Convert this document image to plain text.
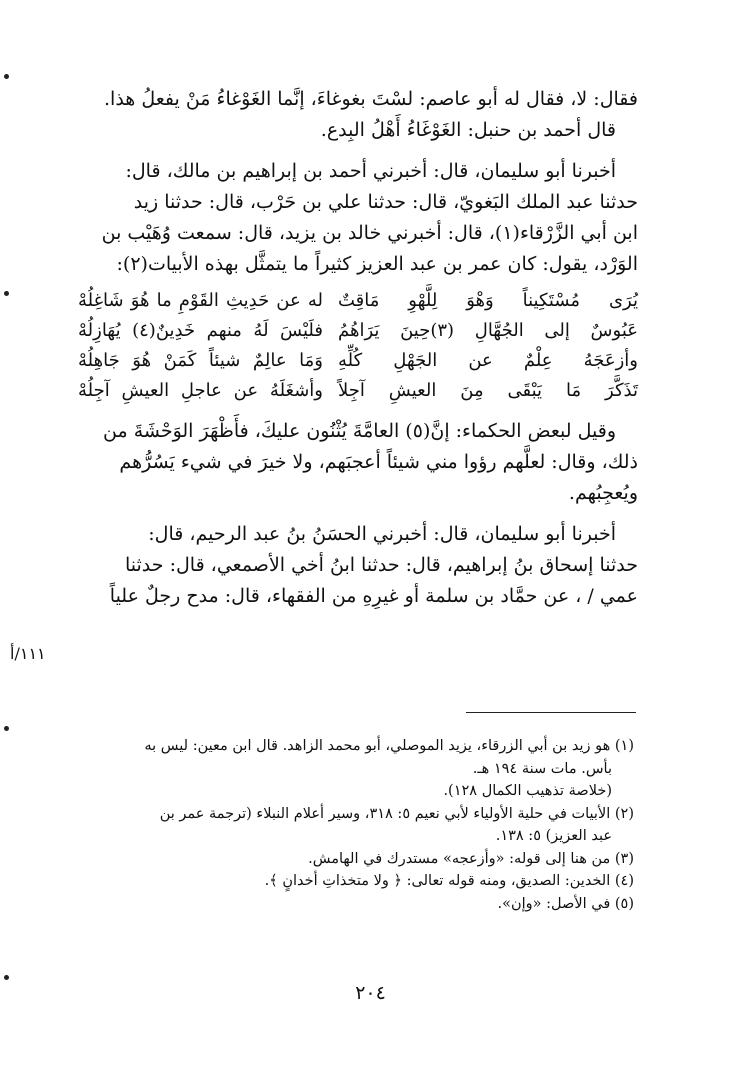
فقال: لا، فقال له أبو عاصم: لسْتَ بغوغاءَ، إنَّما الغَوْغاءُ مَنْ يفعلُ هذا.

قال أحمد بن حنبل: الغَوْغَاءُ أَهْلُ البِدع.

أخبرنا أبو سليمان، قال: أخبرني أحمد بن إبراهيم بن مالك، قال:

حدثنا عبد الملك البَغويّ، قال: حدثنا علي بن حَرْب، قال: حدثنا زيد

ابن أبي الزَّرْقاء(١)، قال: أخبرني خالد بن يزيد، قال: سمعت وُهَيْب بن

الوَرْد، يقول: كان عمر بن عبد العزيز كثيراً ما يتمثَّل بهذه الأبيات(٢):

يُرَى مُسْتَكِيناً وَهْوَ لِلَّهْوِ مَاقِتٌ
له عن حَدِيثِ القَوْمِ ما هُوَ شَاغِلُهْ
عَبُوسٌ إلى الجُهَّالِ (٣)حِينَ يَرَاهُمُ
فلَيْسَ لَهُ منهم خَدِينٌ(٤) يُهَازِلُهْ
وأزعَجَهُ عِلْمٌ عن الجَهْلِ كُلِّهِ
وَمَا عالِمٌ شيئاً كَمَنْ هُوَ جَاهِلُهْ
تَذَكَّرَ مَا يَبْقَى مِنَ العيشِ آجِلاً
وأشغَلَهُ عن عاجلِ العيشِ آجِلُهْ

وقيل لبعض الحكماء: إنَّ(٥) العامَّةَ يُثْنُون عليكَ، فأَظْهَرَ الوَحْشَةَ من

ذلك، وقال: لعلَّهم رؤوا مني شيئاً أعجبَهم، ولا خيرَ في شيء يَسُرُّهم

ويُعجِبُهم.

أخبرنا أبو سليمان، قال: أخبرني الحسَنُ بنُ عبد الرحيم، قال:

حدثنا إسحاق بنُ إبراهيم، قال: حدثنا ابنُ أخي الأصمعي، قال: حدثنا

عمي / ، عن حمَّاد بن سلمة أو غيرِهِ من الفقهاء، قال: مدح رجلٌ علياً

١١١/أ

(١) هو زيد بن أبي الزرقاء، يزيد الموصلي، أبو محمد الزاهد. قال ابن معين: ليس به
بأس. مات سنة ١٩٤ هـ.
(خلاصة تذهيب الكمال ١٢٨).

(٢) الأبيات في حلية الأولياء لأبي نعيم ٥: ٣١٨، وسير أعلام النبلاء (ترجمة عمر بن
عبد العزيز) ٥: ١٣٨.

(٣) من هنا إلى قوله: «وأزعجه» مستدرك في الهامش.

(٤) الخدين: الصديق، ومنه قوله تعالى: ﴿ ولا متخذاتِ أخدانٍ ﴾.

(٥) في الأصل: «وإن».

٢٠٤
